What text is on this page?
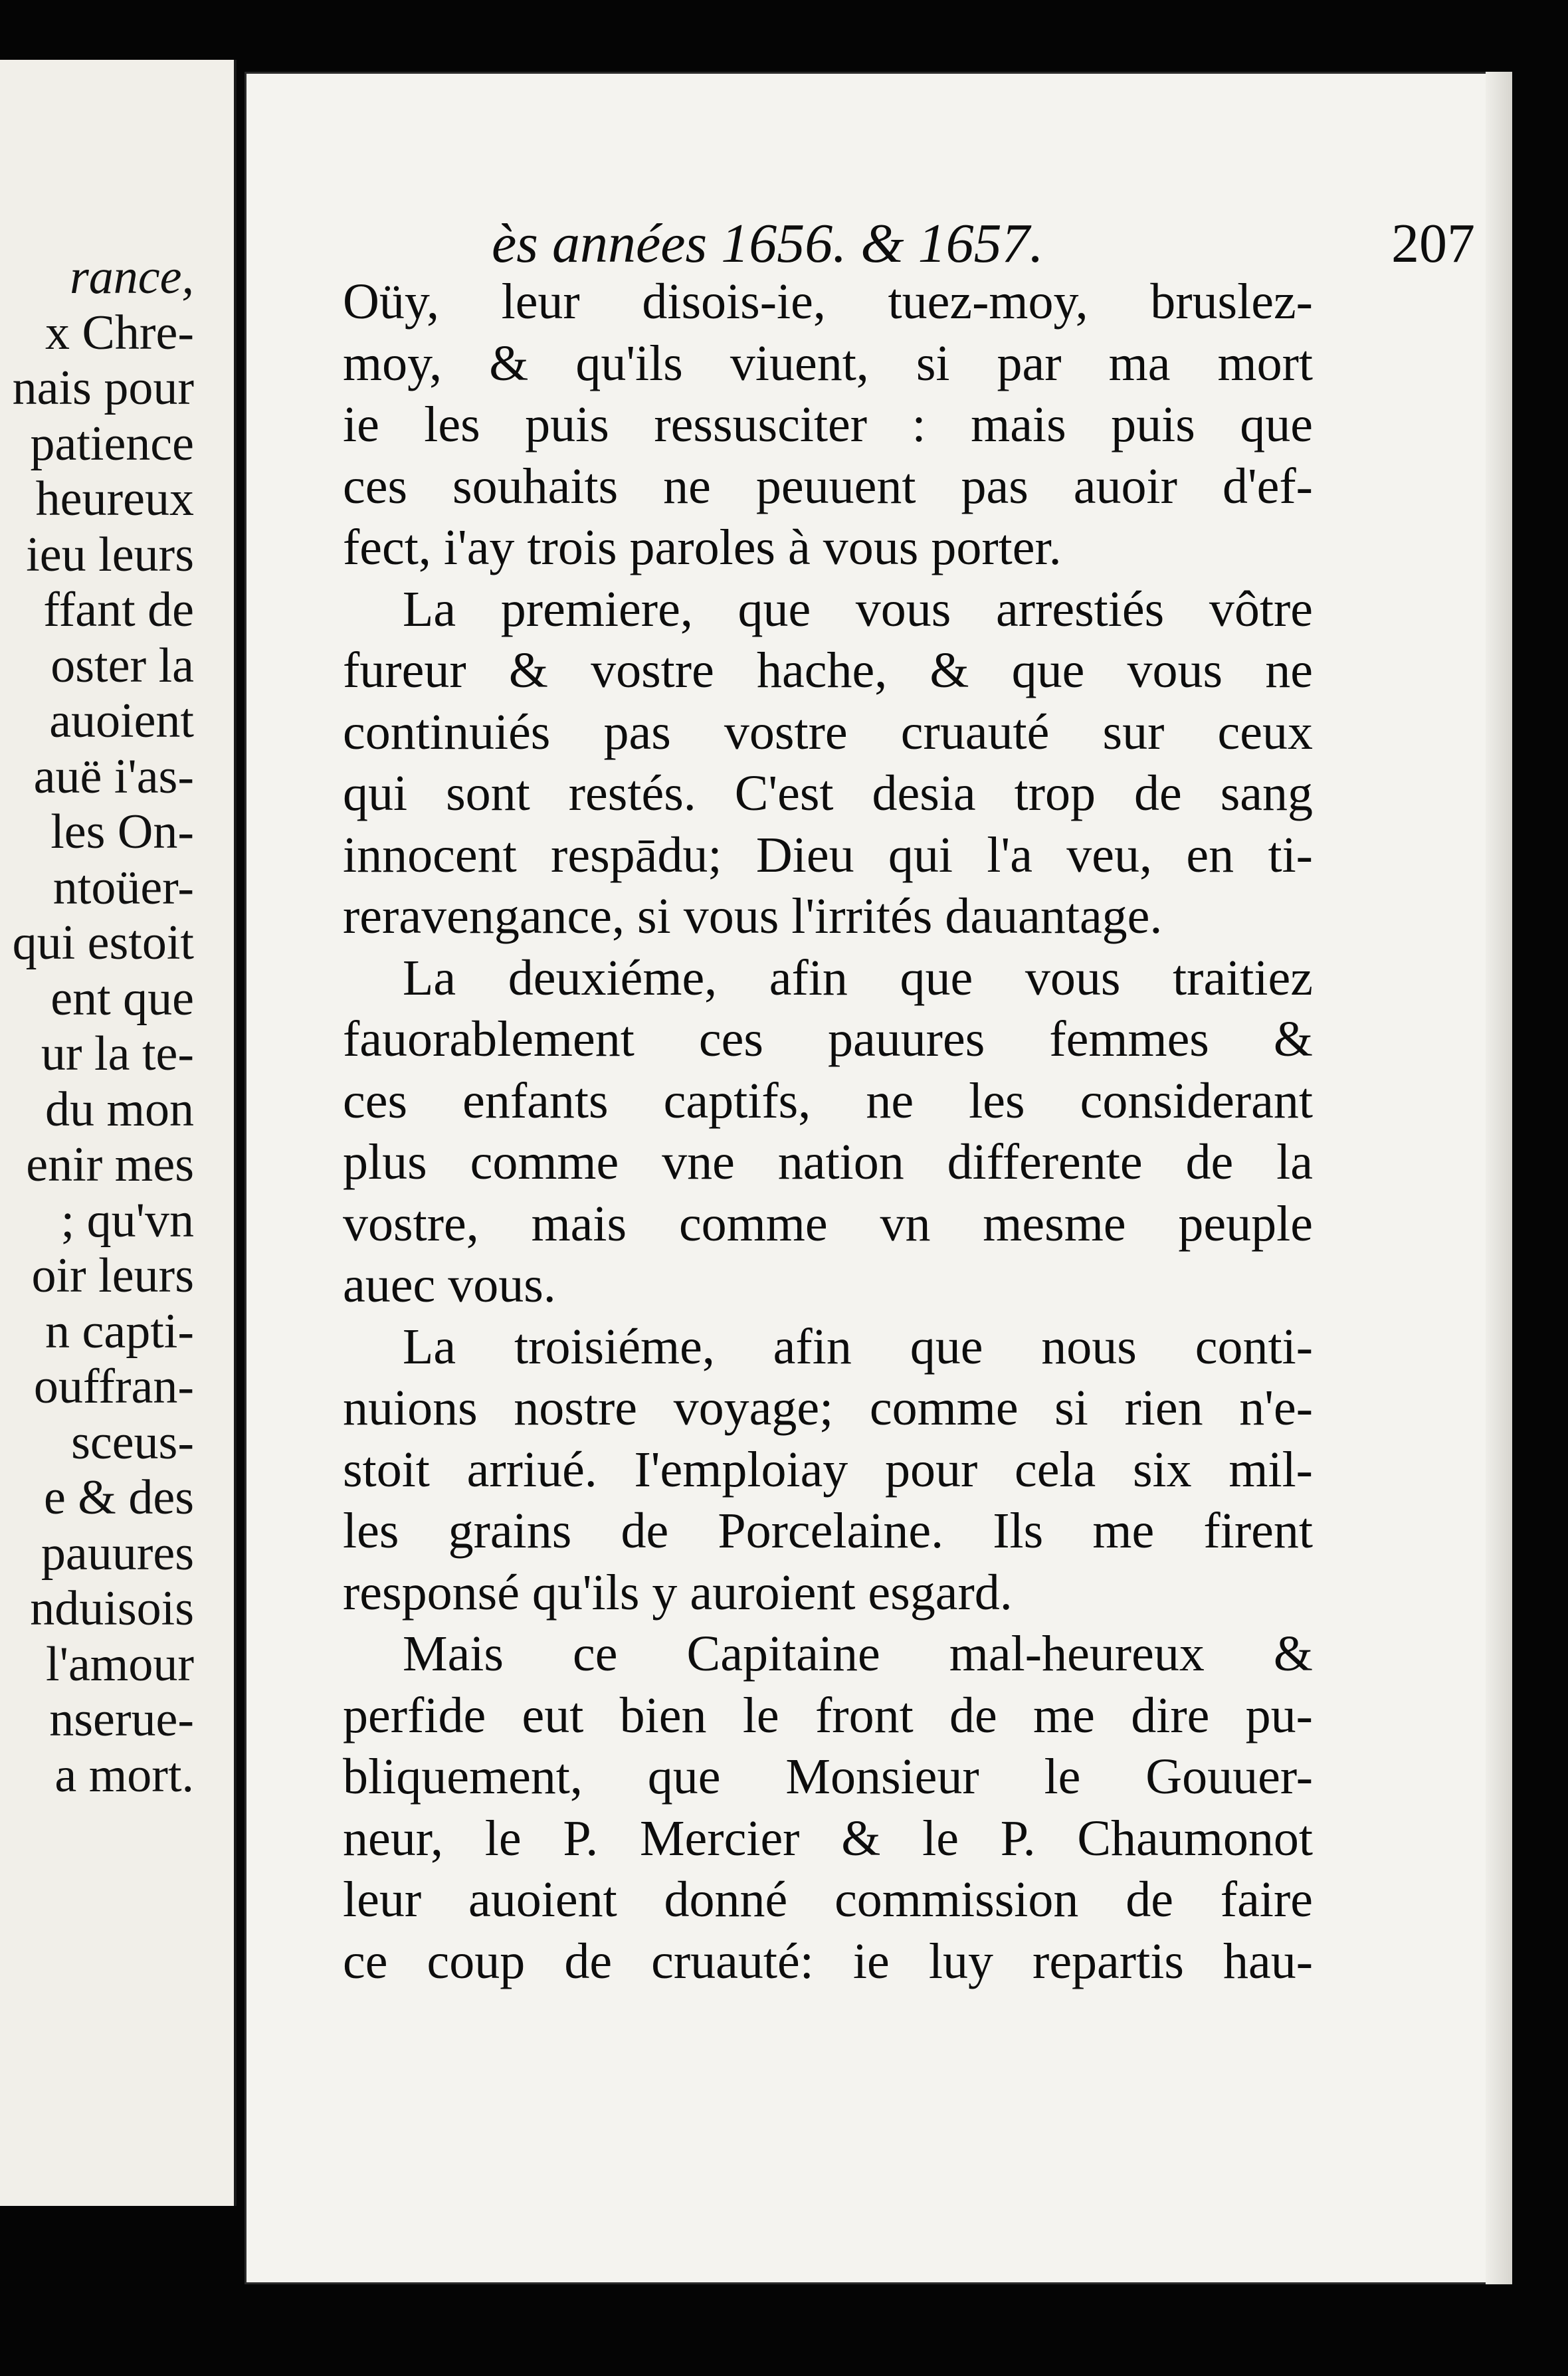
rance,
x Chre-
nais pour
patience
heureux
ieu leurs
ffant de
oster la
auoient
auë i'as-
les On-
ntoüer-
qui estoit
ent que
ur la te-
du mon
enir mes
; qu'vn
oir leurs
n capti-
ouffran-
sceus-
e & des
pauures
nduisois
l'amour
nserue-
a mort.
ès années 1656. & 1657.	207
Oüy, leur disois-ie, tuez-moy, bruslez-
moy, & qu'ils viuent, si par ma mort
ie les puis ressusciter : mais puis que
ces souhaits ne peuuent pas auoir d'ef-
fect, i'ay trois paroles à vous porter.
La premiere, que vous arrestiés vôtre
fureur & vostre hache, & que vous ne
continuiés pas vostre cruauté sur ceux
qui sont restés. C'est desia trop de sang
innocent respādu; Dieu qui l'a veu, en ti-
reravengance, si vous l'irrités dauantage.
La deuxiéme, afin que vous traitiez
fauorablement ces pauures femmes &
ces enfants captifs, ne les considerant
plus comme vne nation differente de la
vostre, mais comme vn mesme peuple
auec vous.
La troisiéme, afin que nous conti-
nuions nostre voyage; comme si rien n'e-
stoit arriué. I'emploiay pour cela six mil-
les grains de Porcelaine. Ils me firent
responsé qu'ils y auroient esgard.
Mais ce Capitaine mal-heureux &
perfide eut bien le front de me dire pu-
bliquement, que Monsieur le Gouuer-
neur, le P. Mercier & le P. Chaumonot
leur auoient donné commission de faire
ce coup de cruauté: ie luy repartis hau-
